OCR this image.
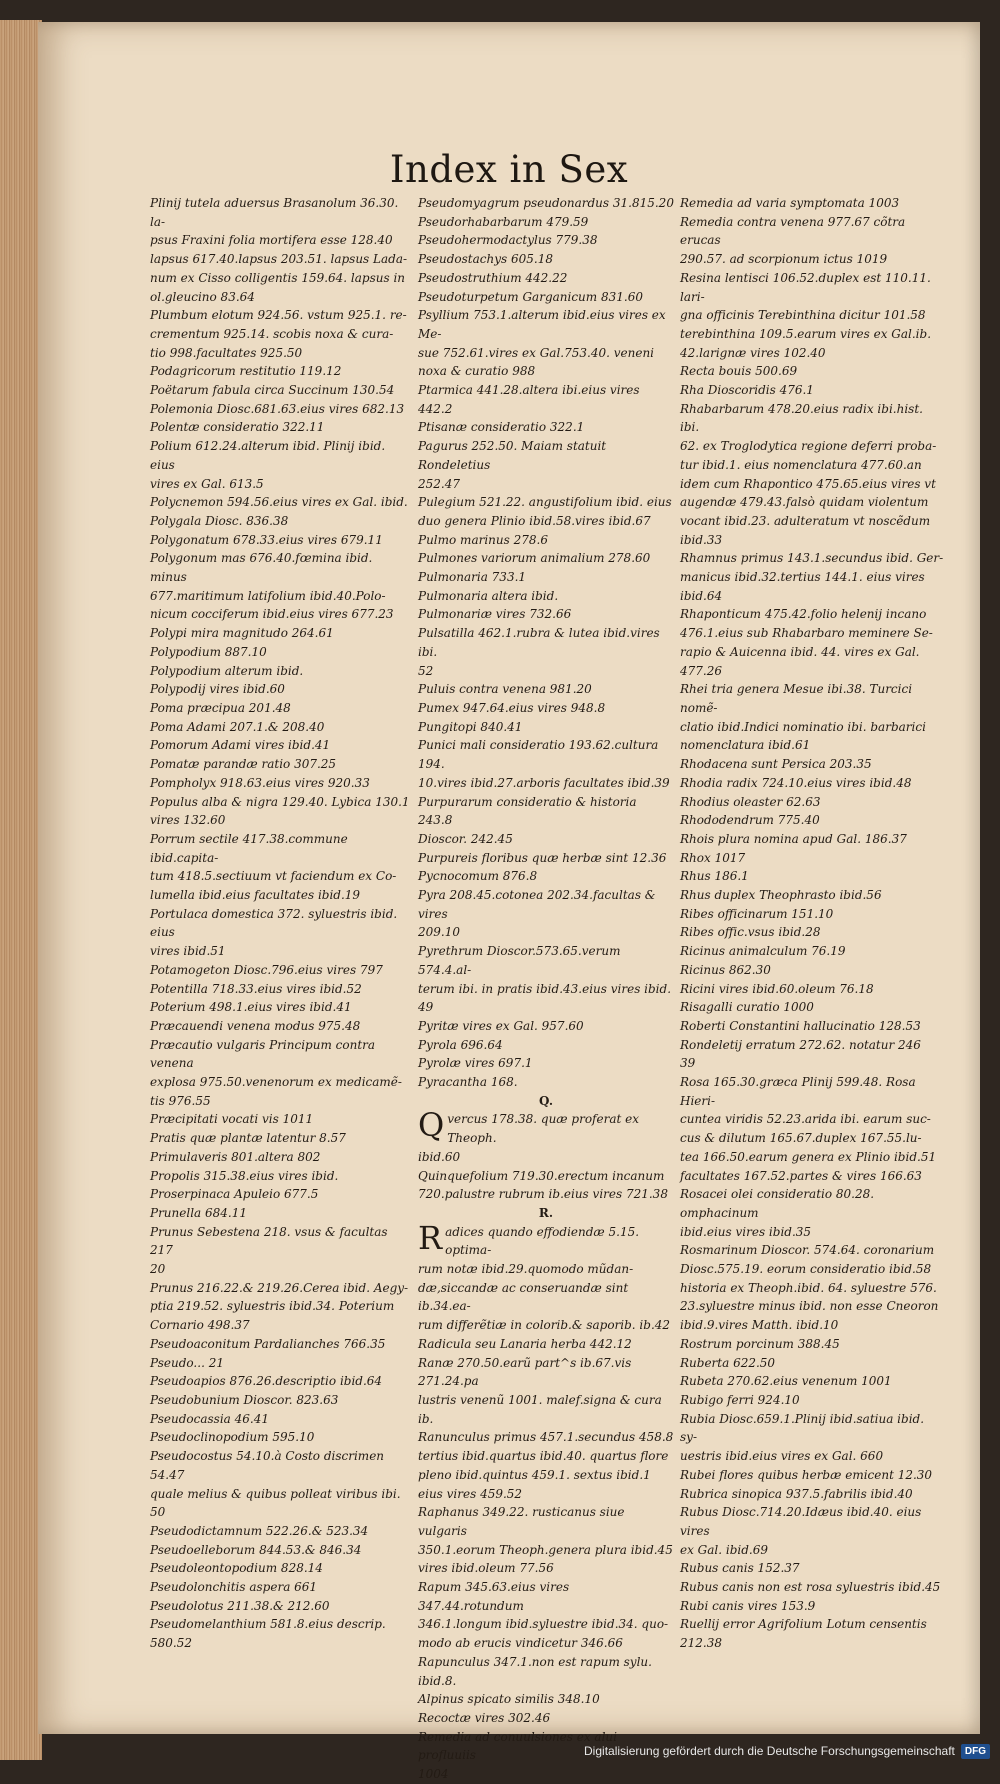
Index in Sex
Plinij tutela aduersus Brasanolum 36.30. la-
psus Fraxini folia mortifera esse 128.40
lapsus 617.40.lapsus 203.51. lapsus Lada-
num ex Cisso colligentis 159.64. lapsus in
ol.gleucino 83.64
Plumbum elotum 924.56. vstum 925.1. re-
crementum 925.14. scobis noxa & cura-
tio 998.facultates 925.50
Podagricorum restitutio 119.12
Poëtarum fabula circa Succinum 130.54
Polemonia Diosc.681.63.eius vires 682.13
Polentæ consideratio 322.11
Polium 612.24.alterum ibid. Plinij ibid. eius
vires ex Gal. 613.5
Polycnemon 594.56.eius vires ex Gal. ibid.
Polygala Diosc. 836.38
Polygonatum 678.33.eius vires 679.11
Polygonum mas 676.40.fœmina ibid. minus
677.maritimum latifolium ibid.40.Polo-
nicum cocciferum ibid.eius vires 677.23
Polypi mira magnitudo 264.61
Polypodium 887.10
Polypodium alterum ibid.
Polypodij vires ibid.60
Poma præcipua 201.48
Poma Adami 207.1.& 208.40
Pomorum Adami vires ibid.41
Pomatæ parandæ ratio 307.25
Pompholyx 918.63.eius vires 920.33
Populus alba & nigra 129.40. Lybica 130.1
vires 132.60
Porrum sectile 417.38.commune ibid.capita-
tum 418.5.sectiuum vt faciendum ex Co-
lumella ibid.eius facultates ibid.19
Portulaca domestica 372. syluestris ibid. eius
vires ibid.51
Potamogeton Diosc.796.eius vires 797
Potentilla 718.33.eius vires ibid.52
Poterium 498.1.eius vires ibid.41
Præcauendi venena modus 975.48
Præcautio vulgaris Principum contra venena
explosa 975.50.venenorum ex medicamẽ-
tis 976.55
Præcipitati vocati vis 1011
Pratis quæ plantæ latentur 8.57
Primulaveris 801.altera 802
Propolis 315.38.eius vires ibid.
Proserpinaca Apuleio 677.5
Prunella 684.11
Prunus Sebestena 218. vsus & facultas 217
20
Prunus 216.22.& 219.26.Cerea ibid. Aegy-
ptia 219.52. syluestris ibid.34. Poterium
Cornario 498.37
Pseudoaconitum Pardalianches 766.35
Pseudo... 21
Pseudoapios 876.26.descriptio ibid.64
Pseudobunium Dioscor. 823.63
Pseudocassia 46.41
Pseudoclinopodium 595.10
Pseudocostus 54.10.à Costo discrimen 54.47
quale melius & quibus polleat viribus ibi.
50
Pseudodictamnum 522.26.& 523.34
Pseudoelleborum 844.53.& 846.34
Pseudoleontopodium 828.14
Pseudolonchitis aspera 661
Pseudolotus 211.38.& 212.60
Pseudomelanthium 581.8.eius descrip. 580.52
Pseudomyagrum pseudonardus 31.815.20
Pseudorhabarbarum 479.59
Pseudohermodactylus 779.38
Pseudostachys 605.18
Pseudostruthium 442.22
Pseudoturpetum Garganicum 831.60
Psyllium 753.1.alterum ibid.eius vires ex Me-
sue 752.61.vires ex Gal.753.40. veneni
noxa & curatio 988
Ptarmica 441.28.altera ibi.eius vires 442.2
Ptisanæ consideratio 322.1
Pagurus 252.50. Maiam statuit Rondeletius
252.47
Pulegium 521.22. angustifolium ibid. eius
duo genera Plinio ibid.58.vires ibid.67
Pulmo marinus 278.6
Pulmones variorum animalium 278.60
Pulmonaria 733.1
Pulmonaria altera ibid.
Pulmonariæ vires 732.66
Pulsatilla 462.1.rubra & lutea ibid.vires ibi.
52
Puluis contra venena 981.20
Pumex 947.64.eius vires 948.8
Pungitopi 840.41
Punici mali consideratio 193.62.cultura 194.
10.vires ibid.27.arboris facultates ibid.39
Purpurarum consideratio & historia 243.8
Dioscor. 242.45
Purpureis floribus quæ herbæ sint 12.36
Pycnocomum 876.8
Pyra 208.45.cotonea 202.34.facultas & vires
209.10
Pyrethrum Dioscor.573.65.verum 574.4.al-
terum ibi. in pratis ibid.43.eius vires ibid.
49
Pyritæ vires ex Gal. 957.60
Pyrola 696.64
Pyrolæ vires 697.1
Pyracantha 168.
Q.
Qvercus 178.38. quæ proferat ex Theoph.
ibid.60
Quinquefolium 719.30.erectum incanum
720.palustre rubrum ib.eius vires 721.38
R.
Radices quando effodiendæ 5.15. optima-
rum notæ ibid.29.quomodo mũdan-
dæ,siccandæ ac conseruandæ sint ib.34.ea-
rum differẽtiæ in colorib.& saporib. ib.42
Radicula seu Lanaria herba 442.12
Ranæ 270.50.earũ part^s ib.67.vis 271.24.pa
lustris venenũ 1001. malef.signa & cura ib.
Ranunculus primus 457.1.secundus 458.8
tertius ibid.quartus ibid.40. quartus flore
pleno ibid.quintus 459.1. sextus ibid.1
eius vires 459.52
Raphanus 349.22. rusticanus siue vulgaris
350.1.eorum Theoph.genera plura ibid.45
vires ibid.oleum 77.56
Rapum 345.63.eius vires 347.44.rotundum
346.1.longum ibid.syluestre ibid.34. quo-
modo ab erucis vindicetur 346.66
Rapunculus 347.1.non est rapum sylu. ibid.8.
Alpinus spicato similis 348.10
Recoctæ vires 302.46
Remedia ad conuulsiones ex alui profluuiis
1004
Remedia ad varia symptomata 1003
Remedia contra venena 977.67 cõtra erucas
290.57. ad scorpionum ictus 1019
Resina lentisci 106.52.duplex est 110.11. lari-
gna officinis Terebinthina dicitur 101.58
terebinthina 109.5.earum vires ex Gal.ib.
42.larignæ vires 102.40
Recta bouis 500.69
Rha Dioscoridis 476.1
Rhabarbarum 478.20.eius radix ibi.hist. ibi.
62. ex Troglodytica regione deferri proba-
tur ibid.1. eius nomenclatura 477.60.an
idem cum Rhapontico 475.65.eius vires vt
augendæ 479.43.falsò quidam violentum
vocant ibid.23. adulteratum vt noscẽdum
ibid.33
Rhamnus primus 143.1.secundus ibid. Ger-
manicus ibid.32.tertius 144.1. eius vires
ibid.64
Rhaponticum 475.42.folio helenij incano
476.1.eius sub Rhabarbaro meminere Se-
rapio & Auicenna ibid. 44. vires ex Gal.
477.26
Rhei tria genera Mesue ibi.38. Turcici nomẽ-
clatio ibid.Indici nominatio ibi. barbarici
nomenclatura ibid.61
Rhodacena sunt Persica 203.35
Rhodia radix 724.10.eius vires ibid.48
Rhodius oleaster 62.63
Rhododendrum 775.40
Rhois plura nomina apud Gal. 186.37
Rhox 1017
Rhus 186.1
Rhus duplex Theophrasto ibid.56
Ribes officinarum 151.10
Ribes offic.vsus ibid.28
Ricinus animalculum 76.19
Ricinus 862.30
Ricini vires ibid.60.oleum 76.18
Risagalli curatio 1000
Roberti Constantini hallucinatio 128.53
Rondeletij erratum 272.62. notatur 246
39
Rosa 165.30.græca Plinij 599.48. Rosa Hieri-
cuntea viridis 52.23.arida ibi. earum suc-
cus & dilutum 165.67.duplex 167.55.lu-
tea 166.50.earum genera ex Plinio ibid.51
facultates 167.52.partes & vires 166.63
Rosacei olei consideratio 80.28. omphacinum
ibid.eius vires ibid.35
Rosmarinum Dioscor. 574.64. coronarium
Diosc.575.19. eorum consideratio ibid.58
historia ex Theoph.ibid. 64. syluestre 576.
23.syluestre minus ibid. non esse Cneoron
ibid.9.vires Matth. ibid.10
Rostrum porcinum 388.45
Ruberta 622.50
Rubeta 270.62.eius venenum 1001
Rubigo ferri 924.10
Rubia Diosc.659.1.Plinij ibid.satiua ibid. sy-
uestris ibid.eius vires ex Gal. 660
Rubei flores quibus herbæ emicent 12.30
Rubrica sinopica 937.5.fabrilis ibid.40
Rubus Diosc.714.20.Idæus ibid.40. eius vires
ex Gal. ibid.69
Rubus canis 152.37
Rubus canis non est rosa syluestris ibid.45
Rubi canis vires 153.9
Ruellij error Agrifolium Lotum censentis 212.38
Digitalisierung gefördert durch die Deutsche Forschungsgemeinschaft	DFG
